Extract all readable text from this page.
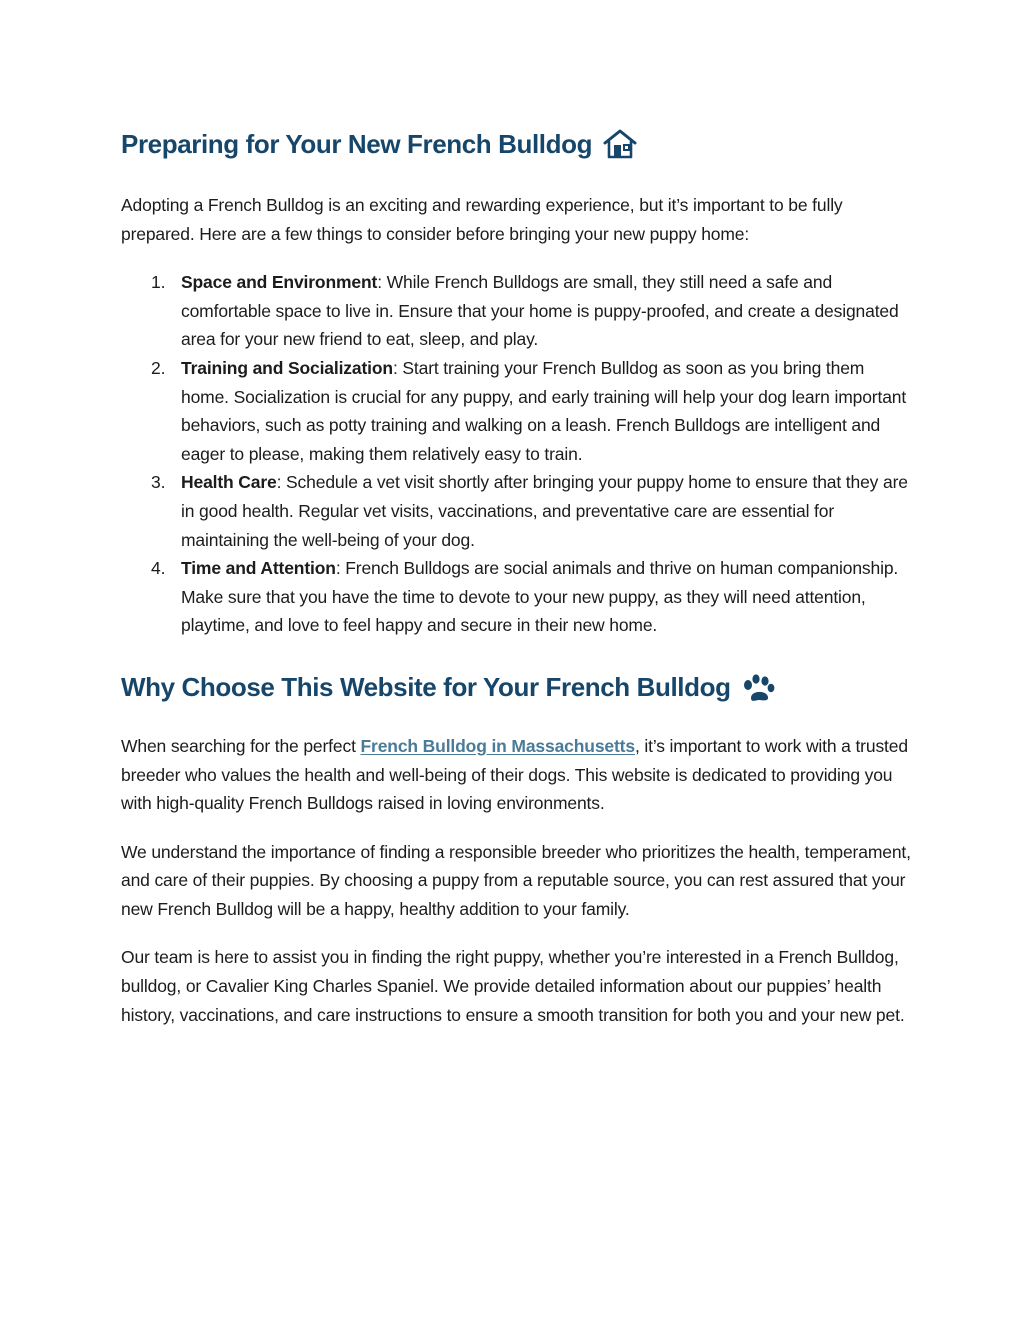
Preparing for Your New French Bulldog

Adopting a French Bulldog is an exciting and rewarding experience, but it’s important to be fully prepared. Here are a few things to consider before bringing your new puppy home:

1. Space and Environment: While French Bulldogs are small, they still need a safe and comfortable space to live in. Ensure that your home is puppy-proofed, and create a designated area for your new friend to eat, sleep, and play.
2. Training and Socialization: Start training your French Bulldog as soon as you bring them home. Socialization is crucial for any puppy, and early training will help your dog learn important behaviors, such as potty training and walking on a leash. French Bulldogs are intelligent and eager to please, making them relatively easy to train.
3. Health Care: Schedule a vet visit shortly after bringing your puppy home to ensure that they are in good health. Regular vet visits, vaccinations, and preventative care are essential for maintaining the well-being of your dog.
4. Time and Attention: French Bulldogs are social animals and thrive on human companionship. Make sure that you have the time to devote to your new puppy, as they will need attention, playtime, and love to feel happy and secure in their new home.
Why Choose This Website for Your French Bulldog

When searching for the perfect French Bulldog in Massachusetts, it’s important to work with a trusted breeder who values the health and well-being of their dogs. This website is dedicated to providing you with high-quality French Bulldogs raised in loving environments.

We understand the importance of finding a responsible breeder who prioritizes the health, temperament, and care of their puppies. By choosing a puppy from a reputable source, you can rest assured that your new French Bulldog will be a happy, healthy addition to your family.

Our team is here to assist you in finding the right puppy, whether you’re interested in a French Bulldog, bulldog, or Cavalier King Charles Spaniel. We provide detailed information about our puppies’ health history, vaccinations, and care instructions to ensure a smooth transition for both you and your new pet.
